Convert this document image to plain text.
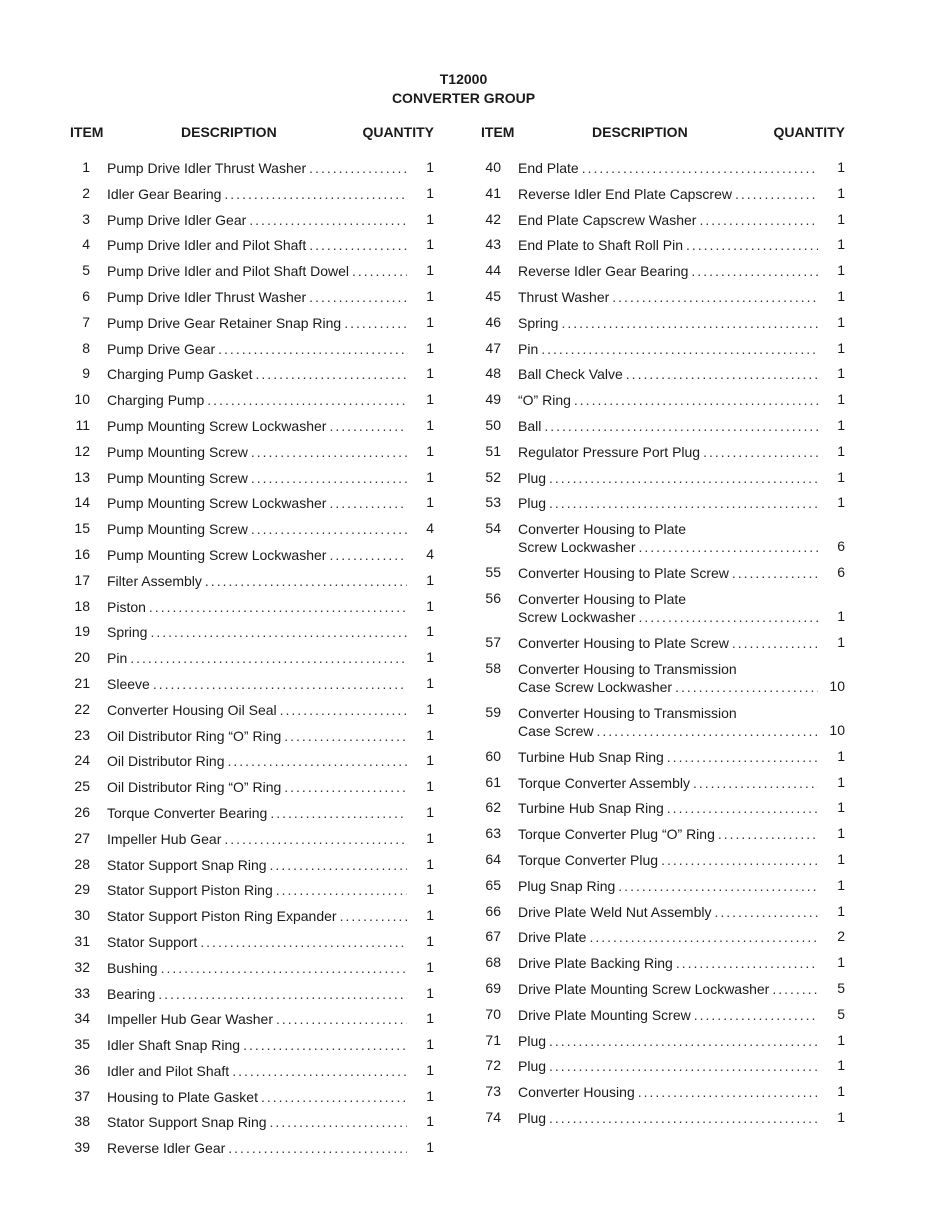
T12000
CONVERTER GROUP
ITEM	DESCRIPTION	QUANTITY
1 Pump Drive Idler Thrust Washer .....	1
2 Idler Gear Bearing .....	1
3 Pump Drive Idler Gear .....	1
4 Pump Drive Idler and Pilot Shaft .....	1
5 Pump Drive Idler and Pilot Shaft Dowel .....	1
6 Pump Drive Idler Thrust Washer .....	1
7 Pump Drive Gear Retainer Snap Ring .....	1
8 Pump Drive Gear .....	1
9 Charging Pump Gasket .....	1
10 Charging Pump .....	1
11 Pump Mounting Screw Lockwasher .....	1
12 Pump Mounting Screw .....	1
13 Pump Mounting Screw .....	1
14 Pump Mounting Screw Lockwasher .....	1
15 Pump Mounting Screw .....	4
16 Pump Mounting Screw Lockwasher .....	4
17 Filter Assembly .....	1
18 Piston .....	1
19 Spring .....	1
20 Pin .....	1
21 Sleeve .....	1
22 Converter Housing Oil Seal .....	1
23 Oil Distributor Ring “O” Ring .....	1
24 Oil Distributor Ring .....	1
25 Oil Distributor Ring “O” Ring .....	1
26 Torque Converter Bearing .....	1
27 Impeller Hub Gear .....	1
28 Stator Support Snap Ring .....	1
29 Stator Support Piston Ring .....	1
30 Stator Support Piston Ring Expander .....	1
31 Stator Support .....	1
32 Bushing .....	1
33 Bearing .....	1
34 Impeller Hub Gear Washer .....	1
35 Idler Shaft Snap Ring .....	1
36 Idler and Pilot Shaft .....	1
37 Housing to Plate Gasket .....	1
38 Stator Support Snap Ring .....	1
39 Reverse Idler Gear .....	1
ITEM	DESCRIPTION	QUANTITY
40 End Plate .....	1
41 Reverse Idler End Plate Capscrew .....	1
42 End Plate Capscrew Washer .....	1
43 End Plate to Shaft Roll Pin .....	1
44 Reverse Idler Gear Bearing .....	1
45 Thrust Washer .....	1
46 Spring .....	1
47 Pin .....	1
48 Ball Check Valve .....	1
49 “O” Ring .....	1
50 Ball .....	1
51 Regulator Pressure Port Plug .....	1
52 Plug .....	1
53 Plug .....	1
54 Converter Housing to Plate
Screw Lockwasher .....	6
55 Converter Housing to Plate Screw .....	6
56 Converter Housing to Plate
Screw Lockwasher .....	1
57 Converter Housing to Plate Screw .....	1
58 Converter Housing to Transmission
Case Screw Lockwasher .....	10
59 Converter Housing to Transmission
Case Screw .....	10
60 Turbine Hub Snap Ring .....	1
61 Torque Converter Assembly .....	1
62 Turbine Hub Snap Ring .....	1
63 Torque Converter Plug “O” Ring .....	1
64 Torque Converter Plug .....	1
65 Plug Snap Ring .....	1
66 Drive Plate Weld Nut Assembly .....	1
67 Drive Plate .....	2
68 Drive Plate Backing Ring .....	1
69 Drive Plate Mounting Screw Lockwasher .....	5
70 Drive Plate Mounting Screw .....	5
71 Plug .....	1
72 Plug .....	1
73 Converter Housing .....	1
74 Plug .....	1
